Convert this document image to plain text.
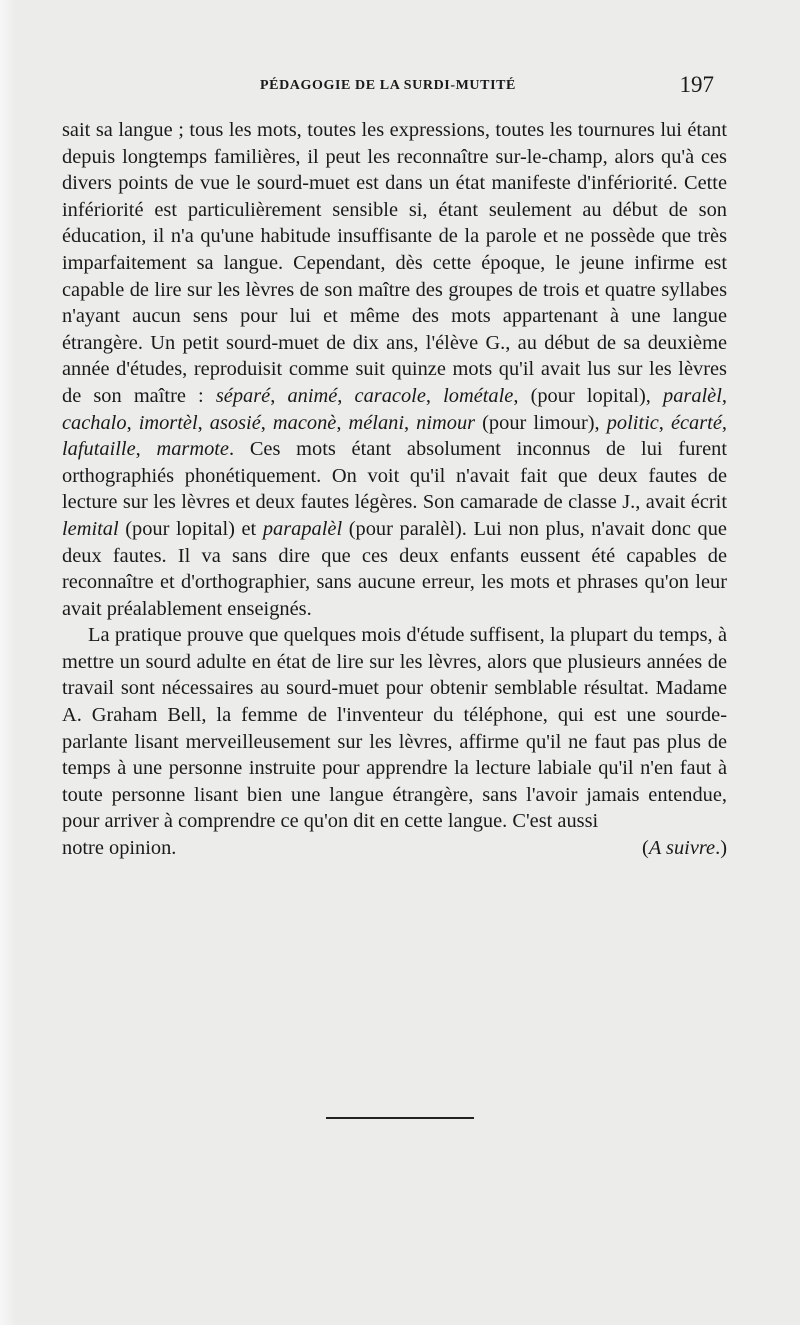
PÉDAGOGIE DE LA SURDI-MUTITÉ	197

sait sa langue ; tous les mots, toutes les expressions, toutes les tournures lui étant depuis longtemps familières, il peut les reconnaître sur-le-champ, alors qu'à ces divers points de vue le sourd-muet est dans un état manifeste d'infériorité. Cette infériorité est particulièrement sensible si, étant seulement au début de son éducation, il n'a qu'une habitude insuffisante de la parole et ne possède que très imparfaitement sa langue. Cependant, dès cette époque, le jeune infirme est capable de lire sur les lèvres de son maître des groupes de trois et quatre syllabes n'ayant aucun sens pour lui et même des mots appartenant à une langue étrangère. Un petit sourd-muet de dix ans, l'élève G., au début de sa deuxième année d'études, reproduisit comme suit quinze mots qu'il avait lus sur les lèvres de son maître : séparé, animé, caracole, lométale, (pour lopital), paralèl, cachalo, imortèl, asosié, maconè, mélani, nimour (pour limour), politic, écarté, lafutaille, marmote. Ces mots étant absolument inconnus de lui furent orthographiés phonétiquement. On voit qu'il n'avait fait que deux fautes de lecture sur les lèvres et deux fautes légères. Son camarade de classe J., avait écrit lemital (pour lopital) et parapalèl (pour paralèl). Lui non plus, n'avait donc que deux fautes. Il va sans dire que ces deux enfants eussent été capables de reconnaître et d'orthographier, sans aucune erreur, les mots et phrases qu'on leur avait préalablement enseignés.

La pratique prouve que quelques mois d'étude suffisent, la plupart du temps, à mettre un sourd adulte en état de lire sur les lèvres, alors que plusieurs années de travail sont nécessaires au sourd-muet pour obtenir semblable résultat. Madame A. Graham Bell, la femme de l'inventeur du téléphone, qui est une sourde-parlante lisant merveilleusement sur les lèvres, affirme qu'il ne faut pas plus de temps à une personne instruite pour apprendre la lecture labiale qu'il n'en faut à toute personne lisant bien une langue étrangère, sans l'avoir jamais entendue, pour arriver à comprendre ce qu'on dit en cette langue. C'est aussi

notre opinion.	(A suivre.)
